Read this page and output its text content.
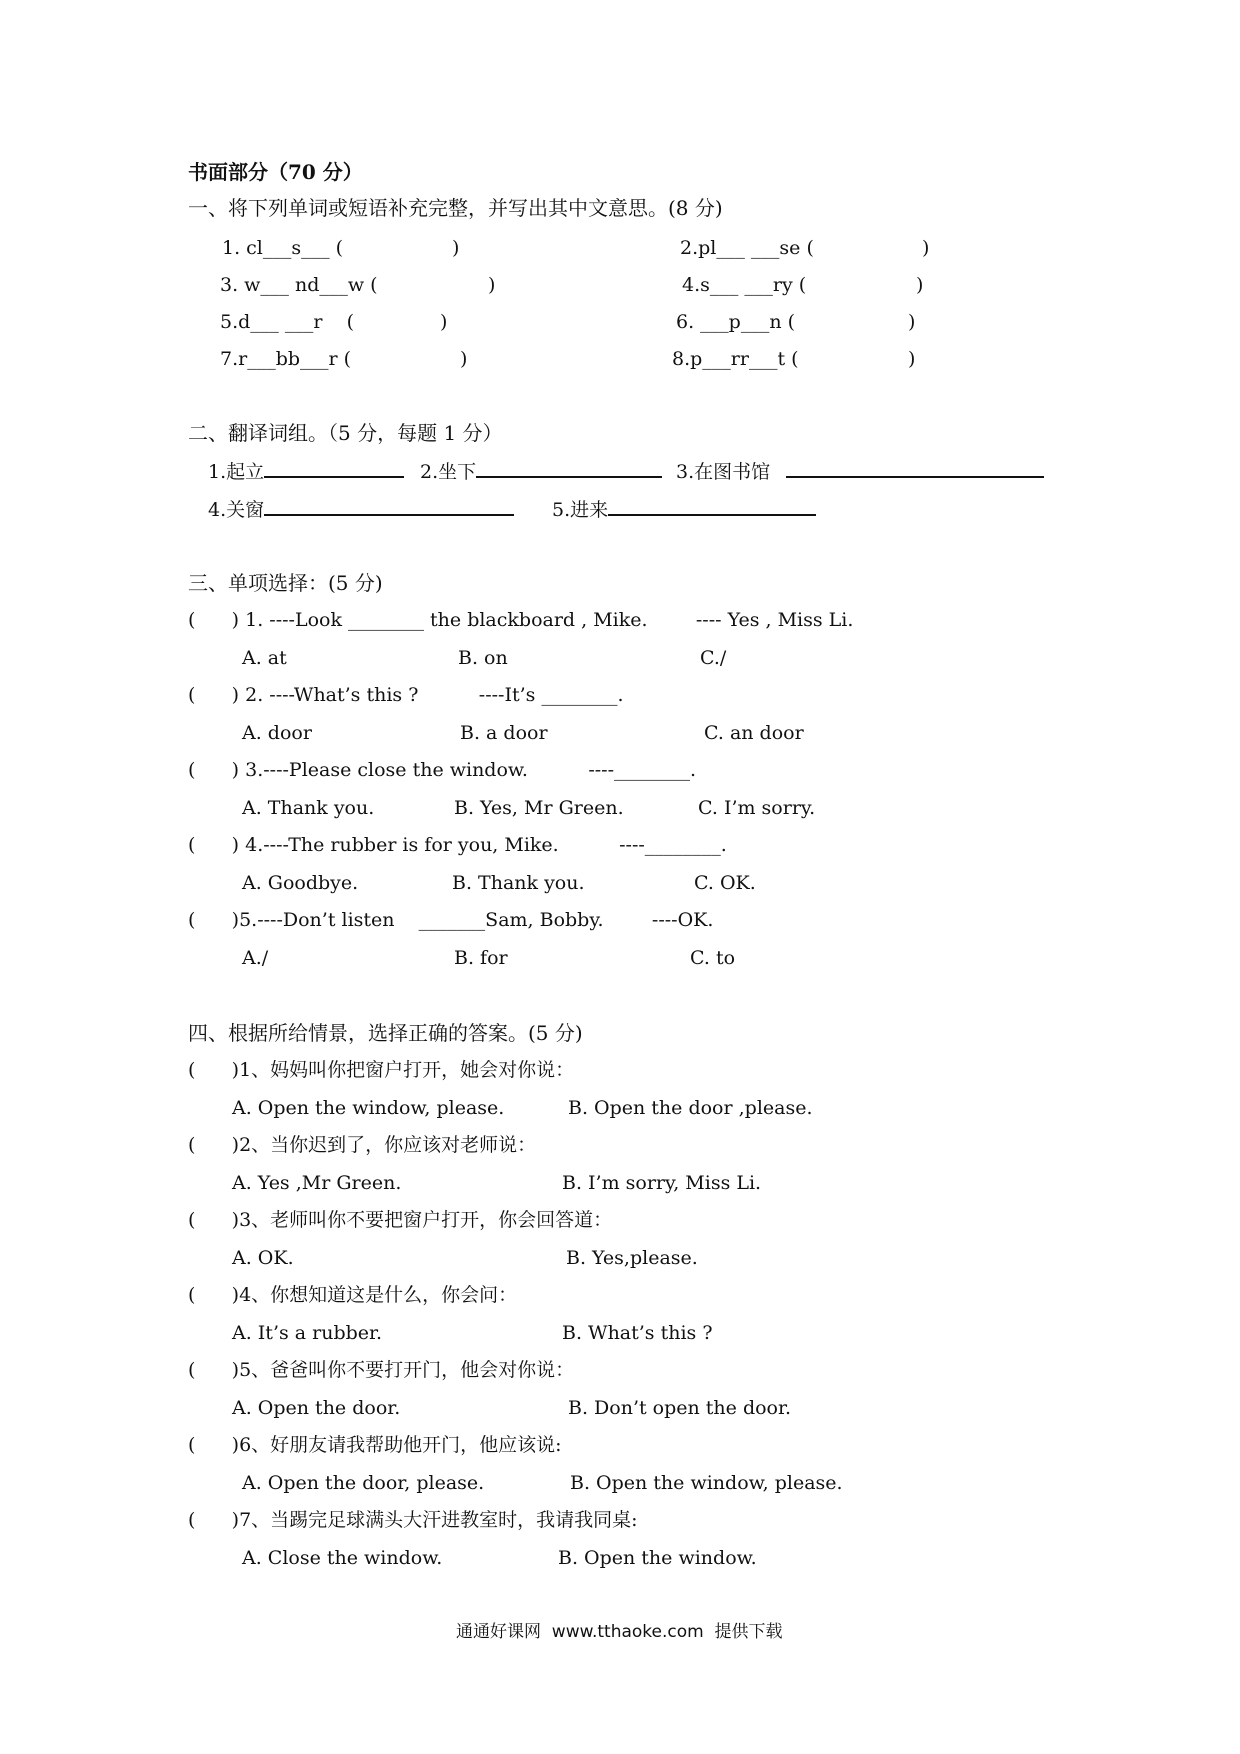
书面部分（70 分）
一、将下列单词或短语补充完整，并写出其中文意思。(8 分)
1. cl___s___ (	)	2.pl___ ___se (	)
3. w___ nd___w (	)	4.s___ ___ry (	)
5.d___ ___r    (	)	6. ___p___n (	)
7.r___bb___r (	)	8.p___rr___t (	)
二、翻译词组。（5 分，每题 1 分）
1.起立	2.坐下	3.在图书馆
4.关窗	5.进来
三、单项选择：(5 分)
(      ) 1. ----Look ________ the blackboard , Mike.        ---- Yes , Miss Li.
A. at	B. on	C./
(      ) 2. ----What’s this ?          ----It’s ________.
A. door	B. a door	C. an door
(      ) 3.----Please close the window.          ----________.
A. Thank you.	B. Yes, Mr Green.	C. I’m sorry.
(      ) 4.----The rubber is for you, Mike.          ----________.
A. Goodbye.	B. Thank you.	C. OK.
(      )5.----Don’t listen    _______Sam, Bobby.        ----OK.
A./	B. for	C. to
四、根据所给情景，选择正确的答案。(5 分)
(      )1、妈妈叫你把窗户打开，她会对你说：
A. Open the window, please.	B. Open the door ,please.
(      )2、当你迟到了，你应该对老师说：
A. Yes ,Mr Green.	B. I’m sorry, Miss Li.
(      )3、老师叫你不要把窗户打开，你会回答道：
A. OK.	B. Yes,please.
(      )4、你想知道这是什么，你会问：
A. It’s a rubber.	B. What’s this ?
(      )5、爸爸叫你不要打开门，他会对你说：
A. Open the door.	B. Don’t open the door.
(      )6、好朋友请我帮助他开门，他应该说:
A. Open the door, please.	B. Open the window, please.
(      )7、当踢完足球满头大汗进教室时，我请我同桌:
A. Close the window.	B. Open the window.
通通好课网  www.tthaoke.com  提供下载
